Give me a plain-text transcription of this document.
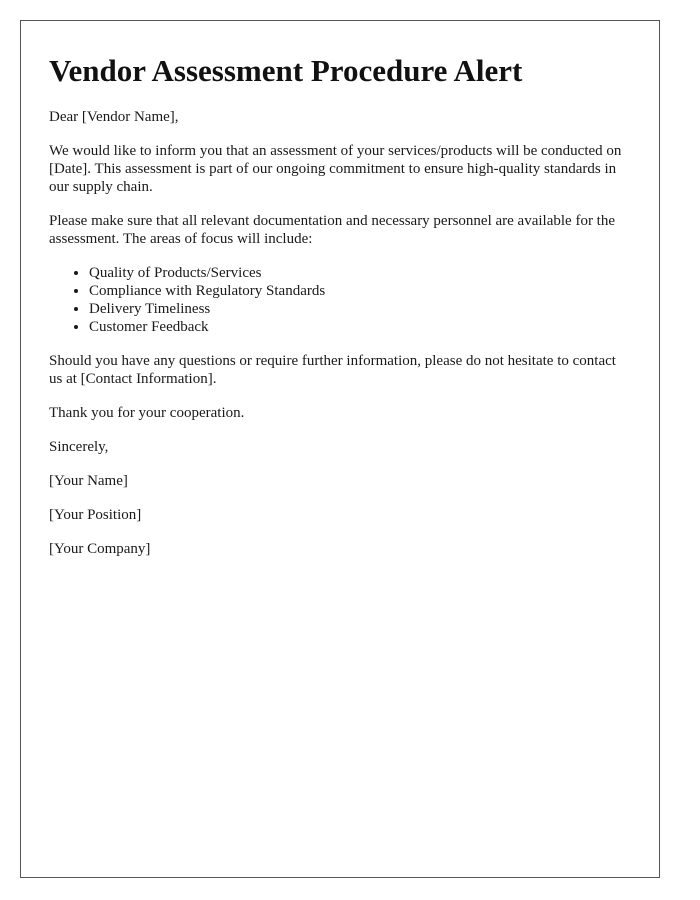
Vendor Assessment Procedure Alert

Dear [Vendor Name],

We would like to inform you that an assessment of your services/products will be conducted on [Date]. This assessment is part of our ongoing commitment to ensure high-quality standards in our supply chain.

Please make sure that all relevant documentation and necessary personnel are available for the assessment. The areas of focus will include:

• Quality of Products/Services
• Compliance with Regulatory Standards
• Delivery Timeliness
• Customer Feedback

Should you have any questions or require further information, please do not hesitate to contact us at [Contact Information].

Thank you for your cooperation.

Sincerely,

[Your Name]

[Your Position]

[Your Company]
